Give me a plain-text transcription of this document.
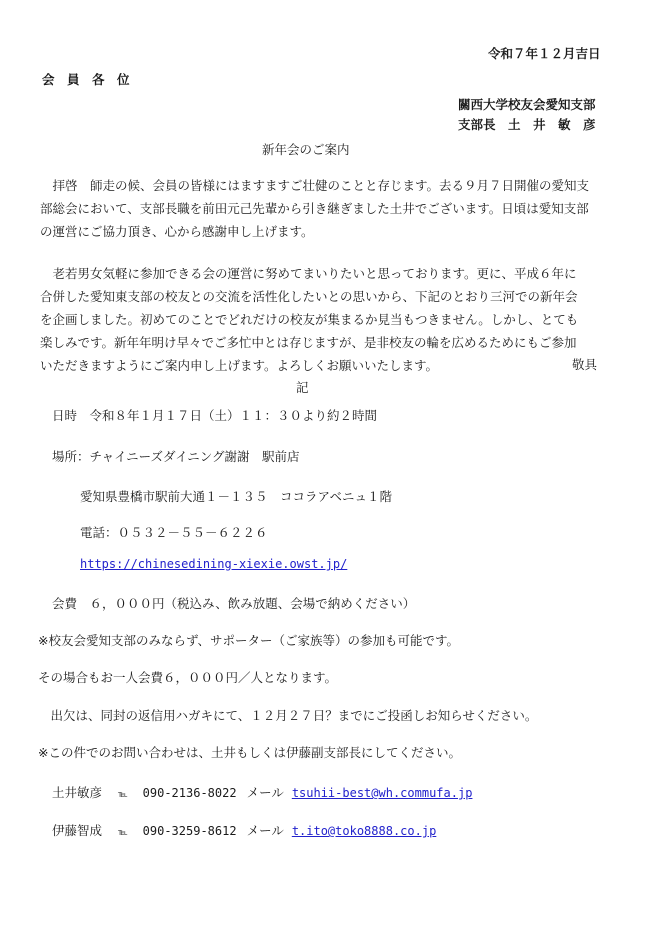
令和７年１２月吉日
会　員　各　位
關西大学校友会愛知支部
支部長　土　井　敏　彦
新年会のご案内
　拝啓　師走の候、会員の皆様にはますますご壮健のことと存じます。去る９月７日開催の愛知支
部総会において、支部長職を前田元己先輩から引き継ぎました土井でございます。日頃は愛知支部
の運営にご協力頂き、心から感謝申し上げます。
　老若男女気軽に参加できる会の運営に努めてまいりたいと思っております。更に、平成６年に
合併した愛知東支部の校友との交流を活性化したいとの思いから、下記のとおり三河での新年会
を企画しました。初めてのことでどれだけの校友が集まるか見当もつきません。しかし、とても
楽しみです。新年年明け早々でご多忙中とは存じますが、是非校友の輪を広めるためにもご参加
いただきますようにご案内申し上げます。よろしくお願いいたします。	敬具
記
日時　令和８年１月１７日（土）１１：３０より約２時間
場所：チャイニーズダイニング謝謝　駅前店
愛知県豊橋市駅前大通１－１３５　ココラアベニュ１階
電話：０５３２－５５－６２２６
https://chinesedining-xiexie.owst.jp/
会費　６，０００円（税込み、飲み放題、会場で納めください）
※校友会愛知支部のみならず、サポーター（ご家族等）の参加も可能です。
その場合もお一人会費６，０００円／人となります。
　出欠は、同封の返信用ハガキにて、１２月２７日？までにご投函しお知らせください。
※この件でのお問い合わせは、土井もしくは伊藤副支部長にしてください。
土井敏彦 ℡ 090-2136-8022 メール tsuhii-best@wh.commufa.jp
伊藤智成 ℡ 090-3259-8612 メール t.ito@toko8888.co.jp
